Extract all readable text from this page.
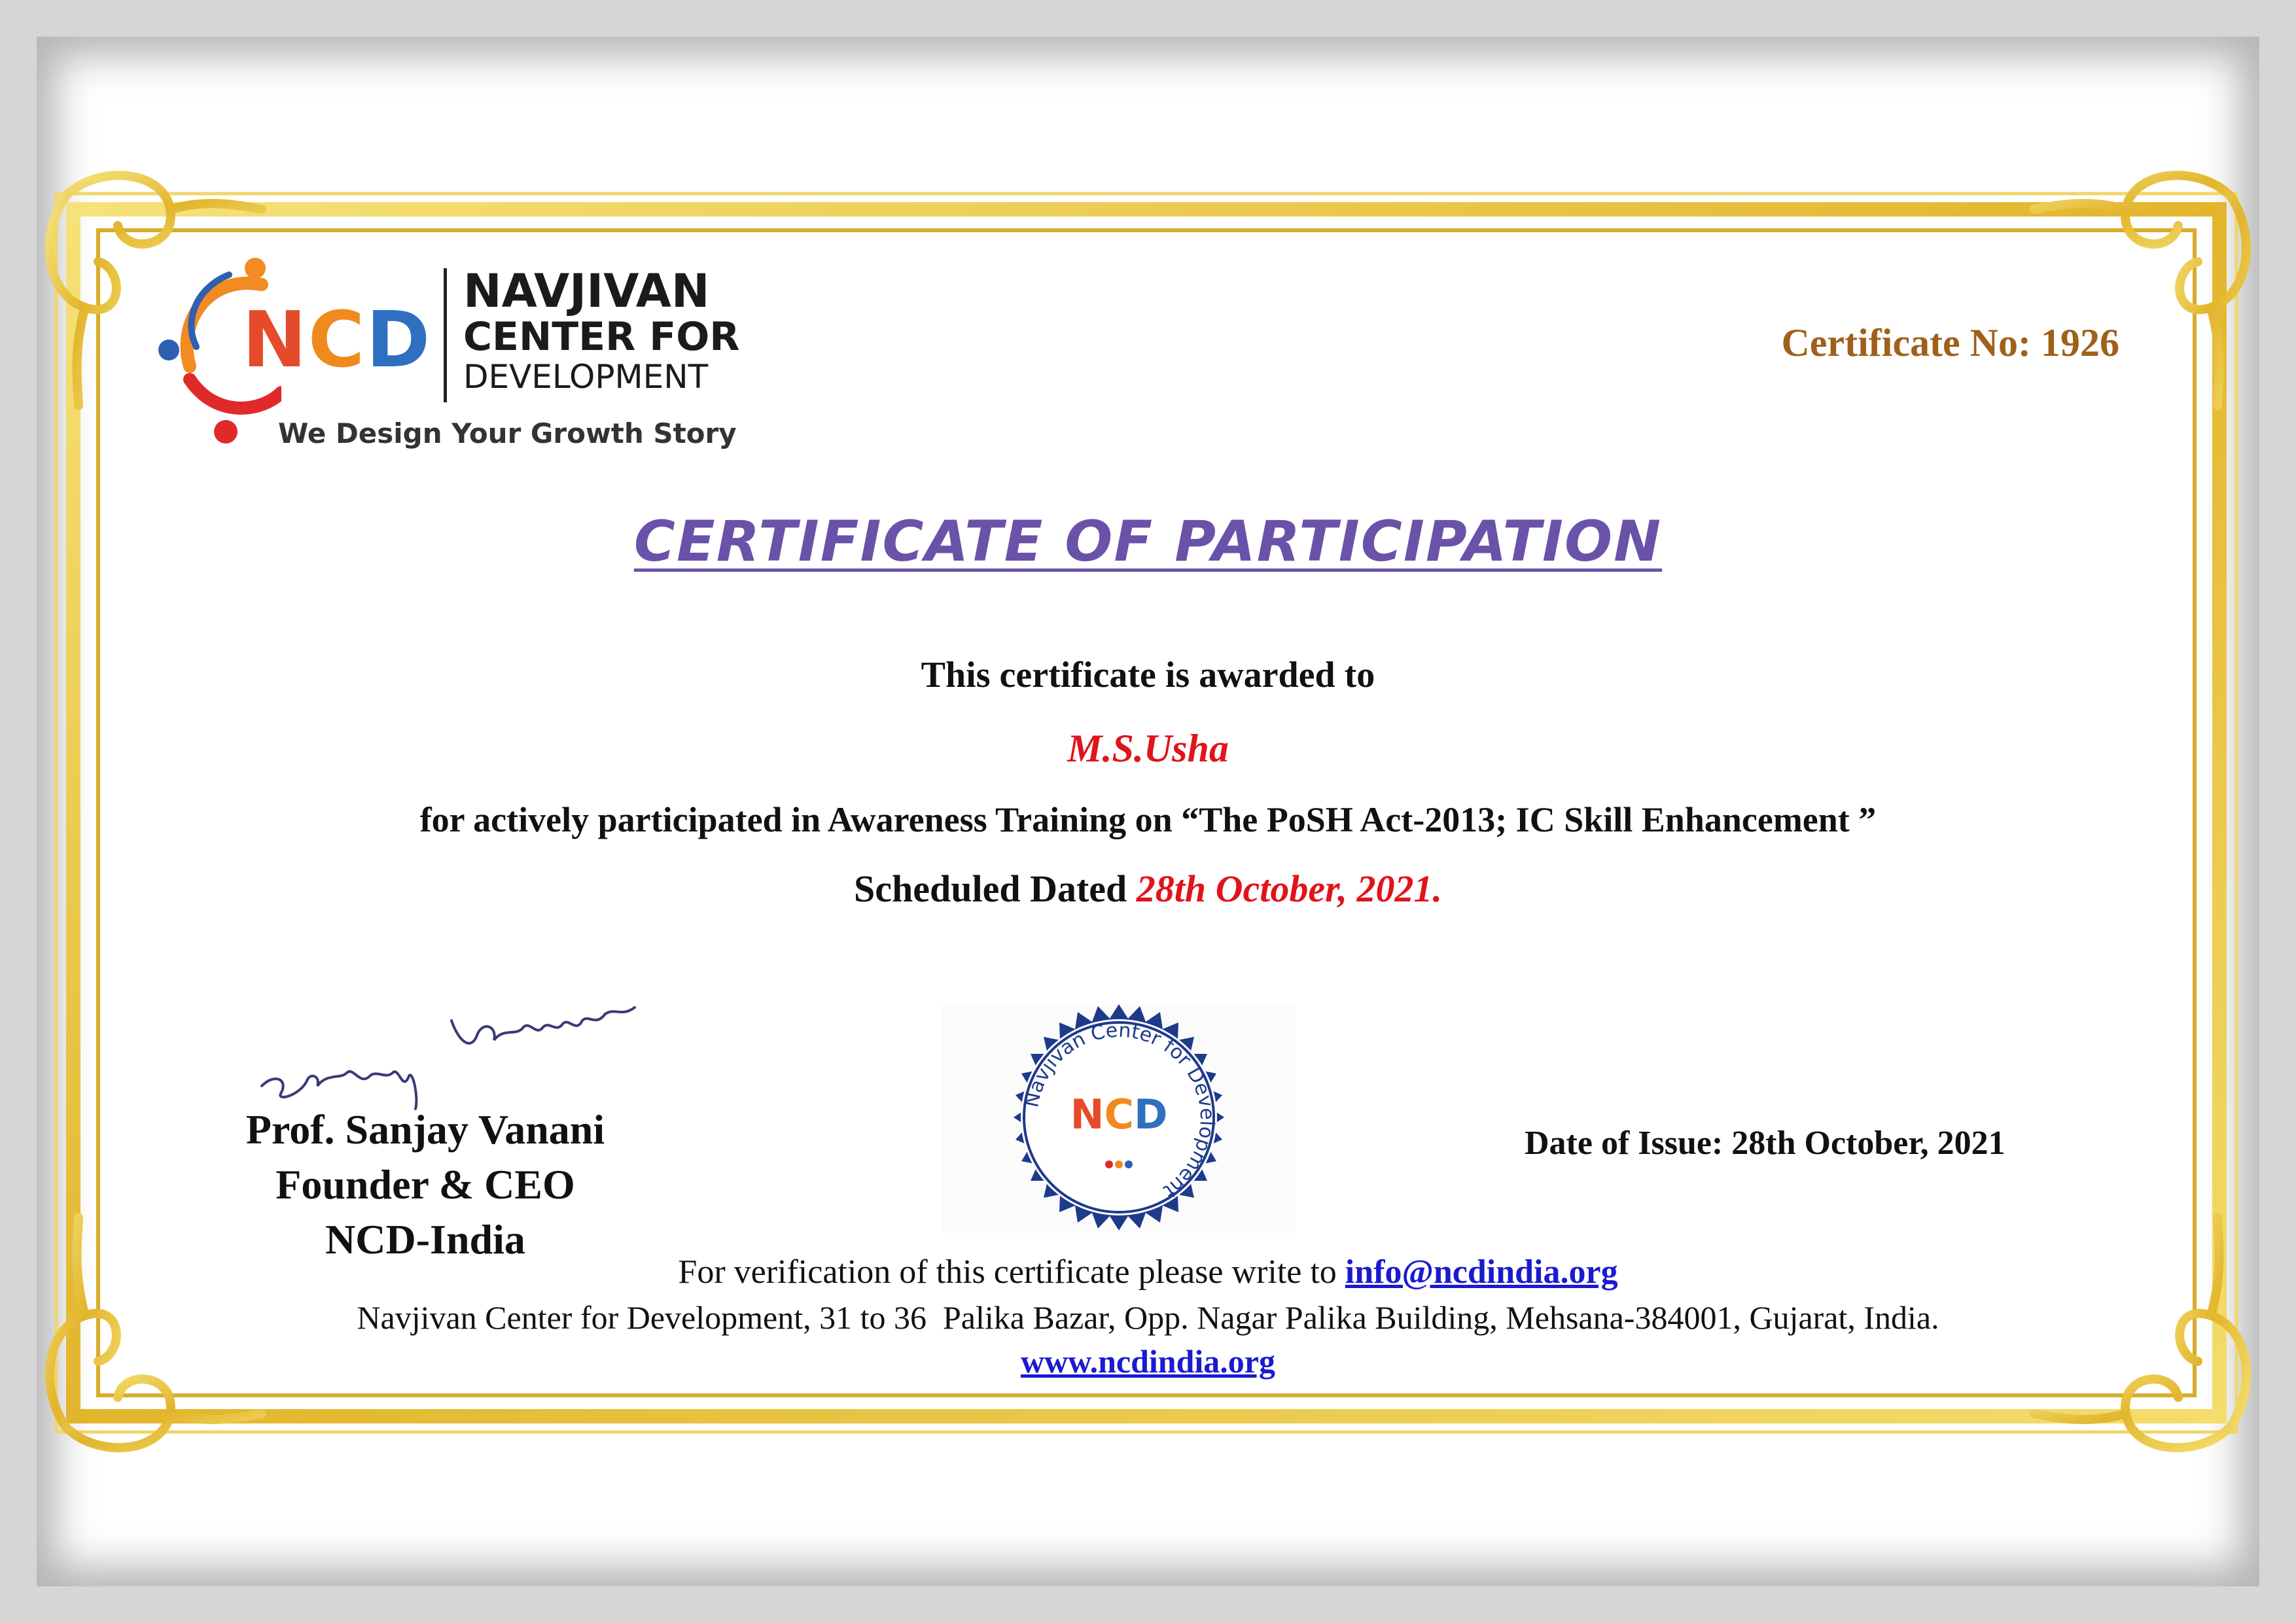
NCD
NAVJIVAN
CENTER FOR
DEVELOPMENT
We Design Your Growth Story
Certificate No: 1926
CERTIFICATE OF PARTICIPATION
This certificate is awarded to
M.S.Usha
for actively participated in Awareness Training on “The PoSH Act-2013; IC Skill Enhancement ”
Scheduled Dated 28th October, 2021.
Prof. Sanjay Vanani
Founder & CEO
NCD-India
Navjivan Center for Development
NCD
Date of Issue: 28th October, 2021
For verification of this certificate please write to info@ncdindia.org
Navjivan Center for Development, 31 to 36  Palika Bazar, Opp. Nagar Palika Building, Mehsana-384001, Gujarat, India.
www.ncdindia.org
